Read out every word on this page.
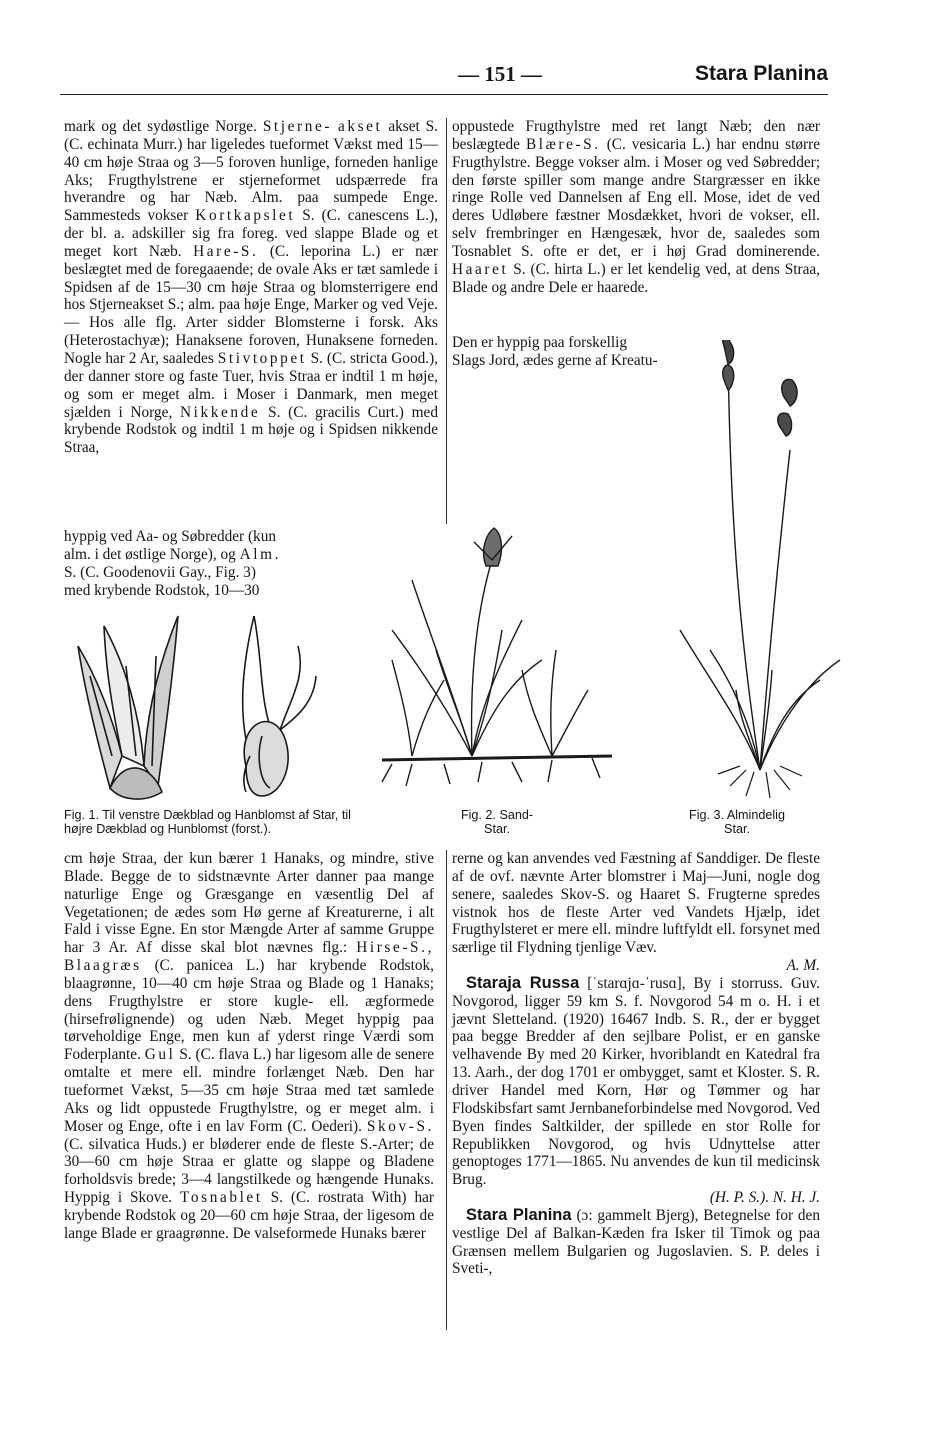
— 151 —	Stara Planina

mark og det sydøstlige Norge. Stjerne- akset akset S. (C. echinata Murr.) har ligeledes tueformet Vækst med 15—40 cm høje Straa og 3—5 foroven hunlige, forneden hanlige Aks; Frugthylstrene er stjerneformet udspærrede fra hverandre og har Næb. Alm. paa sumpede Enge. Sammesteds vokser Kortkapslet S. (C. canescens L.), der bl. a. adskiller sig fra foreg. ved slappe Blade og et meget kort Næb. Hare-S. (C. leporina L.) er nær beslægtet med de foregaaende; de ovale Aks er tæt samlede i Spidsen af de 15—30 cm høje Straa og blomsterrigere end hos Stjerneakset S.; alm. paa høje Enge, Marker og ved Veje. — Hos alle flg. Arter sidder Blomsterne i forsk. Aks (Heterostachyæ); Hanaksene foroven, Hunaksene forneden. Nogle har 2 Ar, saaledes Stivtoppet S. (C. stricta Good.), der danner store og faste Tuer, hvis Straa er indtil 1 m høje, og som er meget alm. i Moser i Danmark, men meget sjælden i Norge, Nikkende S. (C. gracilis Curt.) med krybende Rodstok og indtil 1 m høje og i Spidsen nikkende Straa,

hyppig ved Aa- og Søbredder (kun
alm. i det østlige Norge), og Alm.
S. (C. Goodenovii Gay., Fig. 3)
med krybende Rodstok, 10—30

oppustede Frugthylstre med ret langt Næb; den nær beslægtede Blære-S. (C. vesicaria L.) har endnu større Frugthylstre. Begge vokser alm. i Moser og ved Søbredder; den første spiller som mange andre Stargræsser en ikke ringe Rolle ved Dannelsen af Eng ell. Mose, idet de ved deres Udløbere fæstner Mosdækket, hvori de vokser, ell. selv frembringer en Hængesæk, hvor de, saaledes som Tosnablet S. ofte er det, er i høj Grad dominerende. Haaret S. (C. hirta L.) er let kendelig ved, at dens Straa, Blade og andre Dele er haarede.

Den er hyppig paa forskellig
Slags Jord, ædes gerne af Kreatu-
Fig. 1. Til venstre Dækblad og Hanblomst af Star, til højre Dækblad og Hunblomst (forst.).
Fig. 2. Sand-Star.
Fig. 3. Almindelig Star.

cm høje Straa, der kun bærer 1 Hanaks, og mindre, stive Blade. Begge de to sidstnævnte Arter danner paa mange naturlige Enge og Græsgange en væsentlig Del af Vegetationen; de ædes som Hø gerne af Kreaturerne, i alt Fald i visse Egne. En stor Mængde Arter af samme Gruppe har 3 Ar. Af disse skal blot nævnes flg.: Hirse-S., Blaagræs (C. panicea L.) har krybende Rodstok, blaagrønne, 10—40 cm høje Straa og Blade og 1 Hanaks; dens Frugthylstre er store kugle- ell. ægformede (hirsefrølignende) og uden Næb. Meget hyppig paa tørveholdige Enge, men kun af yderst ringe Værdi som Foderplante. Gul S. (C. flava L.) har ligesom alle de senere omtalte et mere ell. mindre forlænget Næb. Den har tueformet Vækst, 5—35 cm høje Straa med tæt samlede Aks og lidt oppustede Frugthylstre, og er meget alm. i Moser og Enge, ofte i en lav Form (C. Oederi). Skov-S. (C. silvatica Huds.) er bløderer ende de fleste S.-Arter; de 30—60 cm høje Straa er glatte og slappe og Bladene forholdsvis brede; 3—4 langstilkede og hængende Hunaks. Hyppig i Skove. Tosnablet S. (C. rostrata With) har krybende Rodstok og 20—60 cm høje Straa, der ligesom de lange Blade er graagrønne. De valseformede Hunaks bærer

rerne og kan anvendes ved Fæstning af Sanddiger. De fleste af de ovf. nævnte Arter blomstrer i Maj—Juni, nogle dog senere, saaledes Skov-S. og Haaret S. Frugterne spredes vistnok hos de fleste Arter ved Vandets Hjælp, idet Frugthylsteret er mere ell. mindre luftfyldt ell. forsynet med særlige til Flydning tjenlige Væv.

A. M.

Staraja Russa [ˈstarɑjɑ-ˈrusɑ], By i storruss. Guv. Novgorod, ligger 59 km S. f. Novgorod 54 m o. H. i et jævnt Sletteland. (1920) 16467 Indb. S. R., der er bygget paa begge Bredder af den sejlbare Polist, er en ganske velhavende By med 20 Kirker, hvoriblandt en Katedral fra 13. Aarh., der dog 1701 er ombygget, samt et Kloster. S. R. driver Handel med Korn, Hør og Tømmer og har Flodskibsfart samt Jernbaneforbindelse med Novgorod. Ved Byen findes Saltkilder, der spillede en stor Rolle for Republikken Novgorod, og hvis Udnyttelse atter genoptoges 1771—1865. Nu anvendes de kun til medicinsk Brug.

(H. P. S.). N. H. J.

Stara Planina (ɔ: gammelt Bjerg), Betegnelse for den vestlige Del af Balkan-Kæden fra Isker til Timok og paa Grænsen mellem Bulgarien og Jugoslavien. S. P. deles i Sveti-,
